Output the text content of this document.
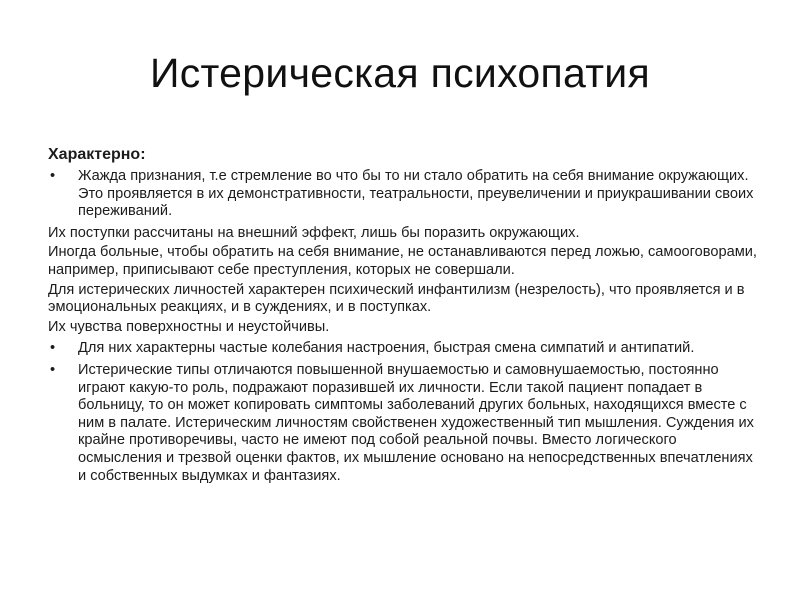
Истерическая психопатия
Характерно:
• Жажда признания, т.е стремление во что бы то ни стало обратить на себя внимание окружающих. Это проявляется в их демонстративности, театральности, преувеличении и приукрашивании своих переживаний.
Их поступки рассчитаны на внешний эффект, лишь бы поразить окружающих.
Иногда больные, чтобы обратить на себя внимание, не останавливаются перед ложью, самооговорами, например, приписывают себе преступления, которых не совершали.
Для истерических личностей характерен психический инфантилизм (незрелость), что проявляется и в эмоциональных реакциях, и в суждениях, и в поступках.
Их чувства поверхностны и неустойчивы.
• Для них характерны частые колебания настроения, быстрая смена симпатий и антипатий.
• Истерические типы отличаются повышенной внушаемостью и самовнушаемостью, постоянно играют какую-то роль, подражают поразившей их личности. Если такой пациент попадает в больницу, то он может копировать симптомы заболеваний других больных, находящихся вместе с ним в палате. Истерическим личностям свойственен художественный тип мышления. Суждения их крайне противоречивы, часто не имеют под собой реальной почвы. Вместо логического осмысления и трезвой оценки фактов, их мышление основано на непосредственных впечатлениях и собственных выдумках и фантазиях.
